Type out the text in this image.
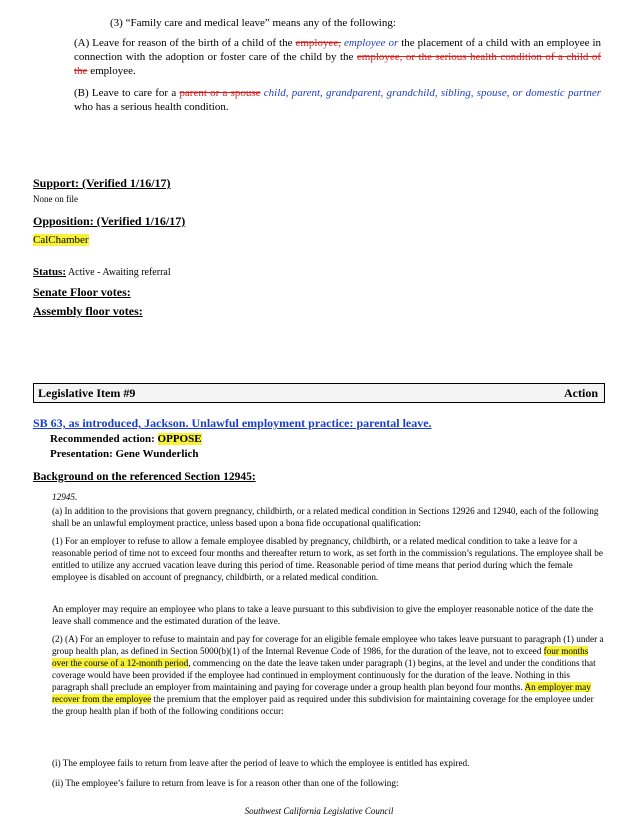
(3) “Family care and medical leave” means any of the following:
(A) Leave for reason of the birth of a child of the employee, employee or the placement of a child with an employee in connection with the adoption or foster care of the child by the employee, or the serious health condition of a child of the employee.
(B) Leave to care for a parent or a spouse child, parent, grandparent, grandchild, sibling, spouse, or domestic partner who has a serious health condition.
Support: (Verified 1/16/17)
None on file
Opposition: (Verified 1/16/17)
CalChamber
Status: Active - Awaiting referral
Senate Floor votes:
Assembly floor votes:
Legislative Item #9	Action
SB 63, as introduced, Jackson. Unlawful employment practice: parental leave.
Recommended action: OPPOSE
Presentation: Gene Wunderlich
Background on the referenced Section 12945:
12945.
(a) In addition to the provisions that govern pregnancy, childbirth, or a related medical condition in Sections 12926 and 12940, each of the following shall be an unlawful employment practice, unless based upon a bona fide occupational qualification:
(1) For an employer to refuse to allow a female employee disabled by pregnancy, childbirth, or a related medical condition to take a leave for a reasonable period of time not to exceed four months and thereafter return to work, as set forth in the commission’s regulations. The employee shall be entitled to utilize any accrued vacation leave during this period of time. Reasonable period of time means that period during which the female employee is disabled on account of pregnancy, childbirth, or a related medical condition.
An employer may require an employee who plans to take a leave pursuant to this subdivision to give the employer reasonable notice of the date the leave shall commence and the estimated duration of the leave.
(2) (A) For an employer to refuse to maintain and pay for coverage for an eligible female employee who takes leave pursuant to paragraph (1) under a group health plan, as defined in Section 5000(b)(1) of the Internal Revenue Code of 1986, for the duration of the leave, not to exceed four months over the course of a 12-month period, commencing on the date the leave taken under paragraph (1) begins, at the level and under the conditions that coverage would have been provided if the employee had continued in employment continuously for the duration of the leave. Nothing in this paragraph shall preclude an employer from maintaining and paying for coverage under a group health plan beyond four months. An employer may recover from the employee the premium that the employer paid as required under this subdivision for maintaining coverage for the employee under the group health plan if both of the following conditions occur:
(i) The employee fails to return from leave after the period of leave to which the employee is entitled has expired.
(ii) The employee’s failure to return from leave is for a reason other than one of the following:
Southwest California Legislative Council
